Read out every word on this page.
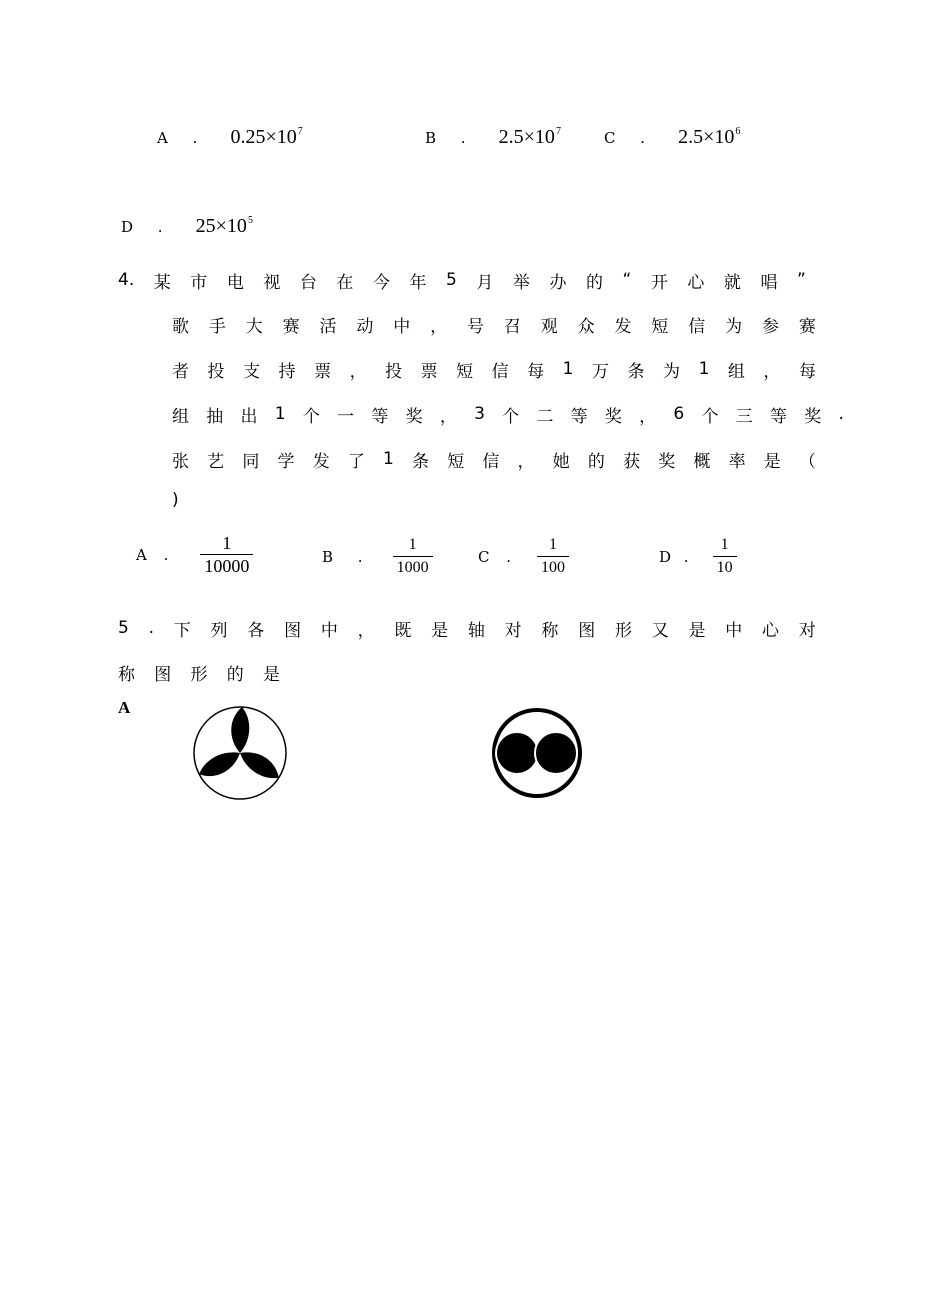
A . $0.25\times 10^7$	B . $2.5\times 10^7$	C . $2.5\times 10^6$
D . $25\times 10^5$
4. 某 市 电 视 台 在 今 年 5 月 举 办 的 “ 开 心 就 唱 ”
歌 手 大 赛 活 动 中 ， 号 召 观 众 发 短 信 为 参 赛
者 投 支 持 票 ， 投 票 短 信 每 1 万 条 为 1 组 ， 每
组 抽 出 1 个 一 等 奖 ， 3 个 二 等 奖 ， 6 个 三 等 奖 .
张 艺 同 学 发 了 1 条 短 信 ， 她 的 获 奖 概 率 是 （
)
A . $\frac{1}{10000}$	B . $\frac{1}{1000}$	C . $\frac{1}{100}$	D . $\frac{1}{10}$
5 . 下 列 各 图 中 ， 既 是 轴 对 称 图 形 又 是 中 心 对
称 图 形 的 是
A
